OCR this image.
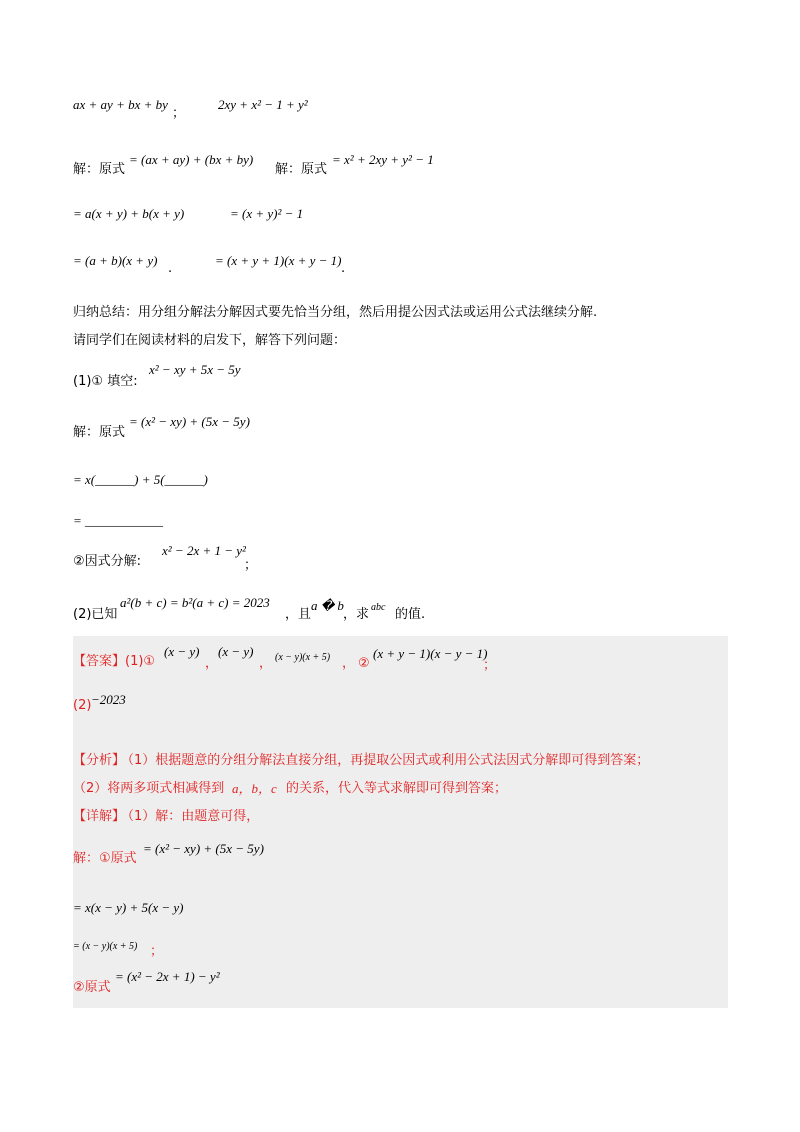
ax + ay + bx + by
；
2xy + x² − 1 + y²
解：原式
= (ax + ay) + (bx + by)
解：原式
= x² + 2xy + y² − 1
= a(x + y) + b(x + y)	= (x + y)² − 1
= (a + b)(x + y)
.
= (x + y + 1)(x + y − 1)
.
归纳总结：用分组分解法分解因式要先恰当分组，然后用提公因式法或运用公式法继续分解.
请同学们在阅读材料的启发下，解答下列问题：
(1)① 填空:
x² − xy + 5x − 5y
解：原式
= (x² − xy) + (5x − 5y)
= x(______) + 5(______)
= ____________
②因式分解:
x² − 2x + 1 − y²
；
(2)已知
a²(b + c) = b²(a + c) = 2023
，且
a � b
，求 abc 的值.
【答案】(1)①
(x − y)
，
(x − y)
， (x − y)(x + 5) ， ②
(x + y − 1)(x − y − 1)
；
(2) −2023
【分析】
（1）根据题意的分组分解法直接分组，再提取公因式或利用公式法因式分解即可得到答案；
（2）将两多项式相减得到 a，b，c 的关系，代入等式求解即可得到答案；
【详解】
（1）解：由题意可得，
解：①原式
= (x² − xy) + (5x − 5y)
= x(x − y) + 5(x − y)
= (x − y)(x + 5) ；
②原式
= (x² − 2x + 1) − y²
